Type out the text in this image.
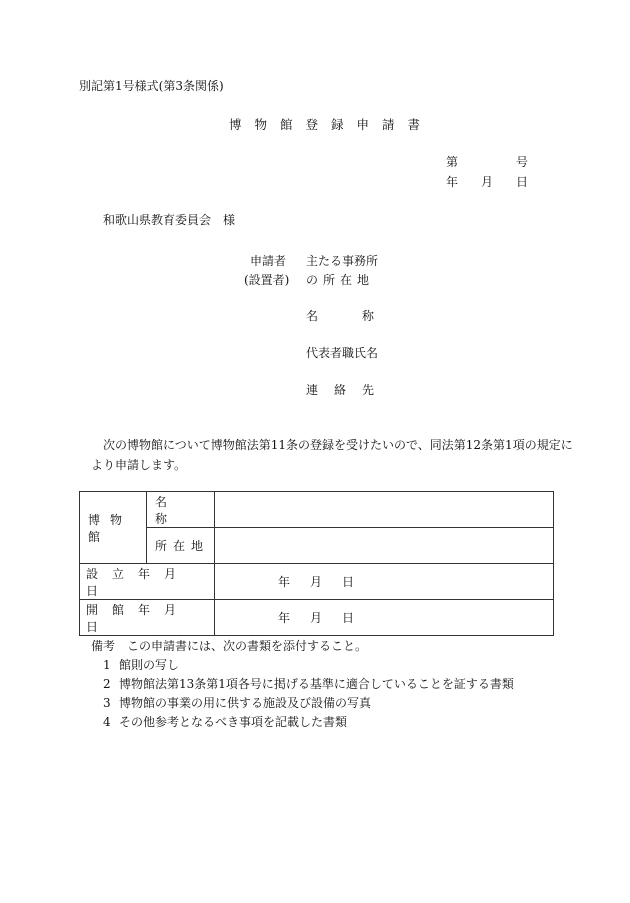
別記第1号様式(第3条関係)
博物館登録申請書
第	号
年 月 日
和歌山県教育委員会　様
申請者
(設置者)
主たる事務所
の所在地
名称
代表者職氏名
連絡先
次の博物館について博物館法第11条の登録を受けたいので、同法第12条第1項の規定に
より申請します。
博物館	名称	

	所在地	

設立年月日		年 月 日

開館年月日		年 月 日
備考 この申請書には、次の書類を添付すること。
1 館則の写し
2 博物館法第13条第1項各号に掲げる基準に適合していることを証する書類
3 博物館の事業の用に供する施設及び設備の写真
4 その他参考となるべき事項を記載した書類
